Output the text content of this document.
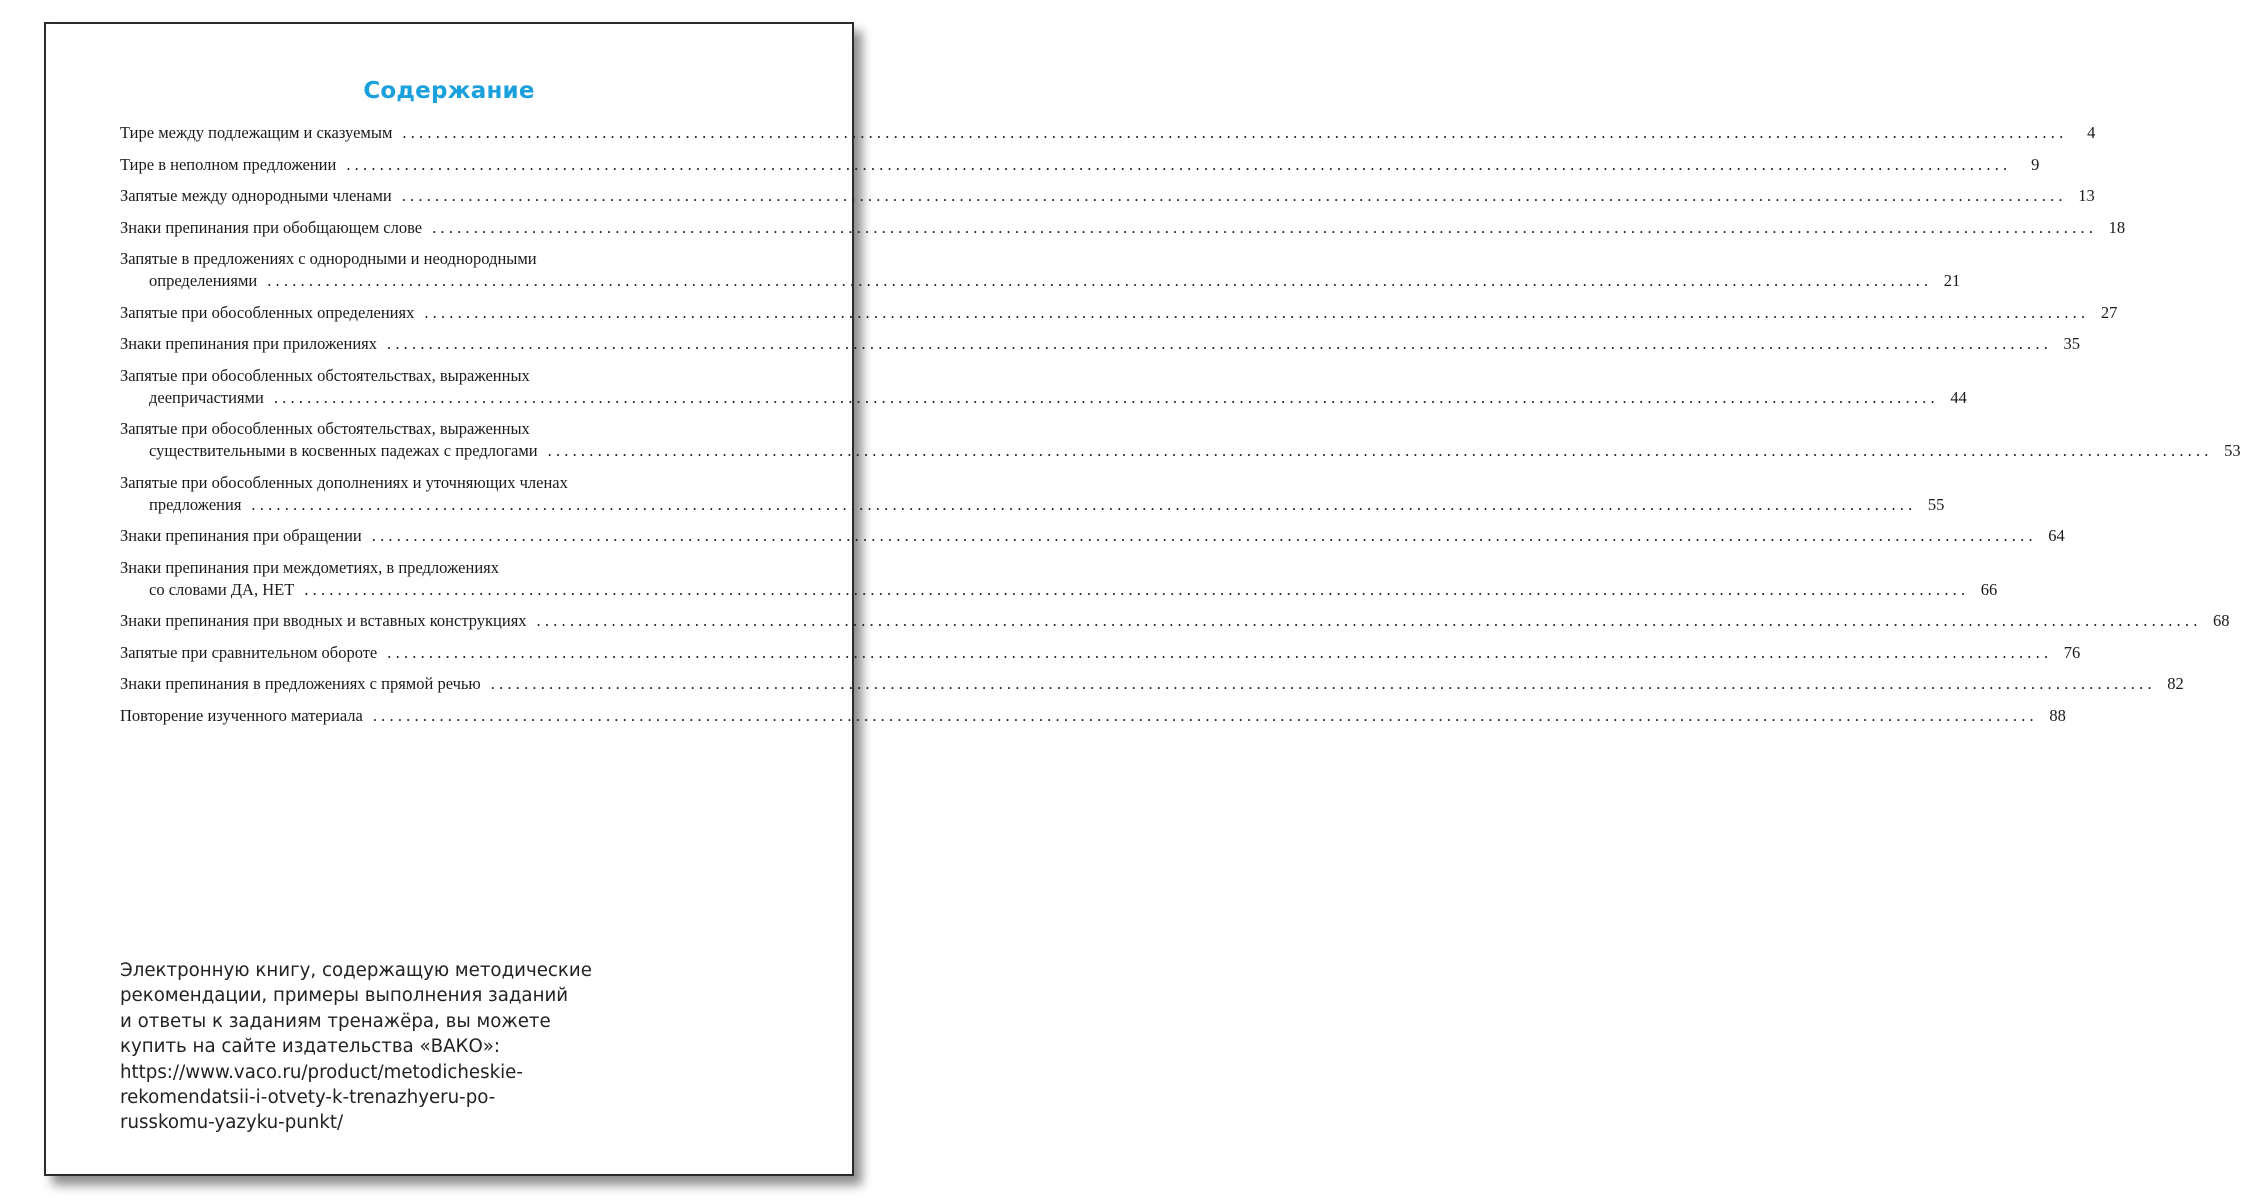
Содержание
Тире между подлежащим и сказуемым ........................................................................................................................................................................................................	4
Тире в неполном предложении ........................................................................................................................................................................................................	9
Запятые между однородными членами ........................................................................................................................................................................................................ 13
Знаки препинания при обобщающем слове ........................................................................................................................................................................................................ 18
Запятые в предложениях с однородными и неоднородными
определениями ........................................................................................................................................................................................................ 21
Запятые при обособленных определениях ........................................................................................................................................................................................................ 27
Знаки препинания при приложениях ........................................................................................................................................................................................................ 35
Запятые при обособленных обстоятельствах, выраженных
деепричастиями ........................................................................................................................................................................................................ 44
Запятые при обособленных обстоятельствах, выраженных
существительными в косвенных падежах с предлогами ........................................................................................................................................................................................................ 53
Запятые при обособленных дополнениях и уточняющих членах
предложения ........................................................................................................................................................................................................ 55
Знаки препинания при обращении ........................................................................................................................................................................................................ 64
Знаки препинания при междометиях, в предложениях
со словами ДА, НЕТ ........................................................................................................................................................................................................ 66
Знаки препинания при вводных и вставных конструкциях ........................................................................................................................................................................................................ 68
Запятые при сравнительном обороте ........................................................................................................................................................................................................ 76
Знаки препинания в предложениях с прямой речью ........................................................................................................................................................................................................ 82
Повторение изученного материала ........................................................................................................................................................................................................ 88
Электронную книгу, содержащую методические
рекомендации, примеры выполнения заданий
и ответы к заданиям тренажёра, вы можете
купить на сайте издательства «ВАКО»:
https://www.vaco.ru/product/metodicheskie-
rekomendatsii-i-otvety-k-trenazhyeru-po-
russkomu-yazyku-punkt/
